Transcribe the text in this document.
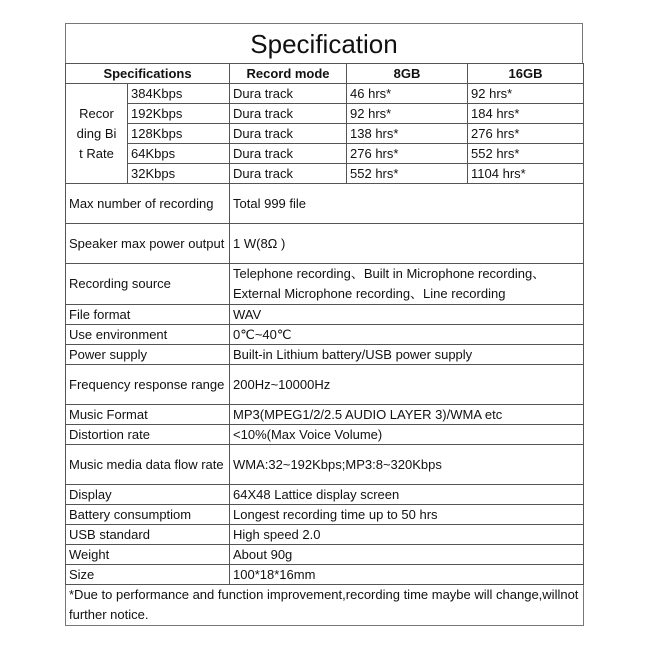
Specification
Specifications		Record mode	8GB	16GB

Recor ding Bit Rate	384Kbps	Dura track	46 hrs*	92 hrs*
	192Kbps	Dura track	92 hrs*	184 hrs*
	128Kbps	Dura track	138 hrs*	276 hrs*
	64Kbps	Dura track	276 hrs*	552 hrs*
	32Kbps	Dura track	552 hrs*	1104 hrs*
Max number of recording		Total 999 file		
Speaker max power output		1 W(8Ω )		
Recording source		Telephone recording、Built in Microphone recording、External Microphone recording、Line recording		
File format		WAV		
Use environment		0℃~40℃		
Power supply		Built-in Lithium battery/USB power supply		
Frequency response range		200Hz~10000Hz		
Music Format		MP3(MPEG1/2/2.5 AUDIO LAYER 3)/WMA etc		
Distortion rate		<10%(Max Voice Volume)		
Music media data flow rate		WMA:32~192Kbps;MP3:8~320Kbps		
Display		64X48 Lattice display screen		
Battery consumptiom		Longest recording time up to 50 hrs		
USB standard		High speed 2.0		
Weight		About 90g		
Size		100*18*16mm		
*Due to performance and function improvement,recording time maybe will change,willnot further notice.				
